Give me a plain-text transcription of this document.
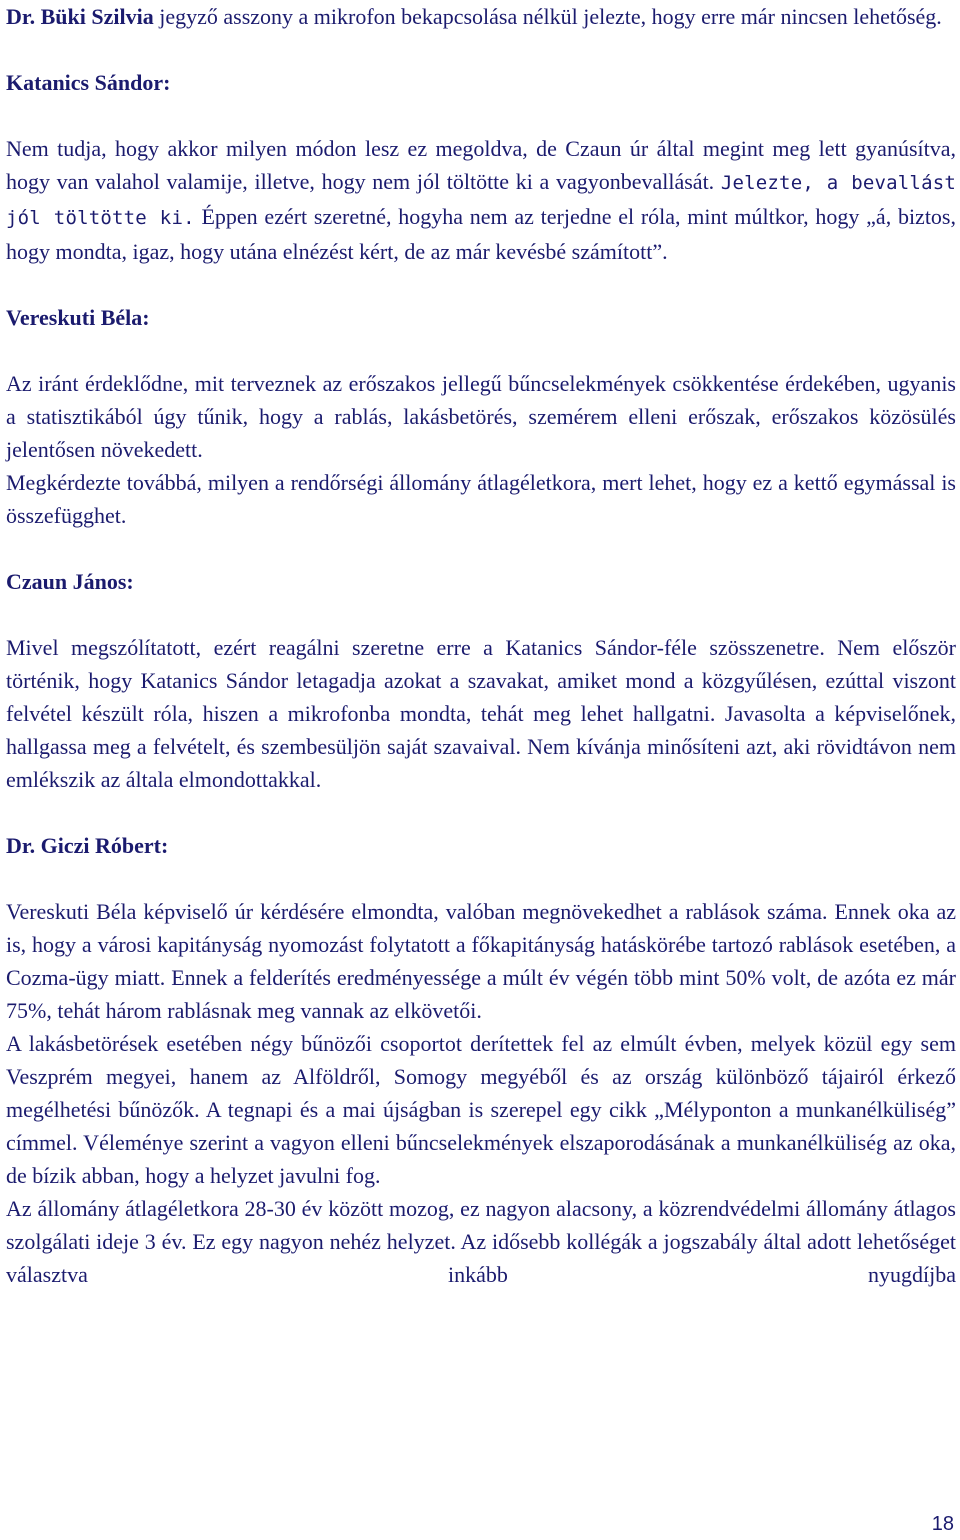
Dr. Büki Szilvia jegyző asszony a mikrofon bekapcsolása nélkül jelezte, hogy erre már nincsen lehetőség.

Katanics Sándor:

Nem tudja, hogy akkor milyen módon lesz ez megoldva, de Czaun úr által megint meg lett gyanúsítva, hogy van valahol valamije, illetve, hogy nem jól töltötte ki a vagyonbevallását. Jelezte, a bevallást jól töltötte ki. Éppen ezért szeretné, hogyha nem az terjedne el róla, mint múltkor, hogy „á, biztos, hogy mondta, igaz, hogy utána elnézést kért, de az már kevésbé számított”.

Vereskuti Béla:

Az iránt érdeklődne, mit terveznek az erőszakos jellegű bűncselekmények csökkentése érdekében, ugyanis a statisztikából úgy tűnik, hogy a rablás, lakásbetörés, szemérem elleni erőszak, erőszakos közösülés jelentősen növekedett.

Megkérdezte továbbá, milyen a rendőrségi állomány átlagéletkora, mert lehet, hogy ez a kettő egymással is összefügghet.

Czaun János:

Mivel megszólítatott, ezért reagálni szeretne erre a Katanics Sándor-féle szösszenetre. Nem először történik, hogy Katanics Sándor letagadja azokat a szavakat, amiket mond a közgyűlésen, ezúttal viszont felvétel készült róla, hiszen a mikrofonba mondta, tehát meg lehet hallgatni. Javasolta a képviselőnek, hallgassa meg a felvételt, és szembesüljön saját szavaival. Nem kívánja minősíteni azt, aki rövidtávon nem emlékszik az általa elmondottakkal.

Dr. Giczi Róbert:

Vereskuti Béla képviselő úr kérdésére elmondta, valóban megnövekedhet a rablások száma. Ennek oka az is, hogy a városi kapitányság nyomozást folytatott a főkapitányság hatáskörébe tartozó rablások esetében, a Cozma-ügy miatt. Ennek a felderítés eredményessége a múlt év végén több mint 50% volt, de azóta ez már 75%, tehát három rablásnak meg vannak az elkövetői.

A lakásbetörések esetében négy bűnözői csoportot derítettek fel az elmúlt évben, melyek közül egy sem Veszprém megyei, hanem az Alföldről, Somogy megyéből és az ország különböző tájairól érkező megélhetési bűnözők. A tegnapi és a mai újságban is szerepel egy cikk „Mélyponton a munkanélküliség” címmel. Véleménye szerint a vagyon elleni bűncselekmények elszaporodásának a munkanélküliség az oka, de bízik abban, hogy a helyzet javulni fog.

Az állomány átlagéletkora 28-30 év között mozog, ez nagyon alacsony, a közrendvédelmi állomány átlagos szolgálati ideje 3 év. Ez egy nagyon nehéz helyzet. Az idősebb kollégák a jogszabály által adott lehetőséget választva inkább nyugdíjba

18
